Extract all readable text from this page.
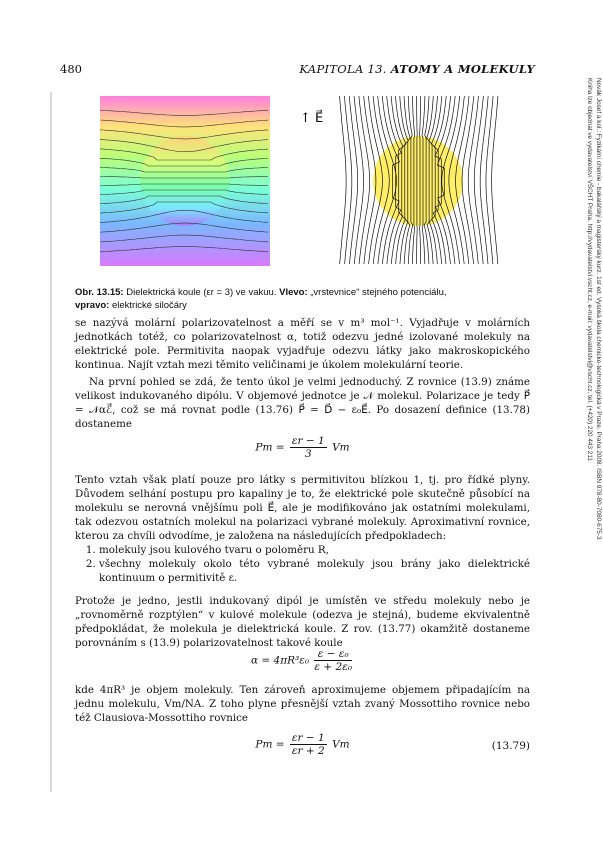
480	KAPITOLA 13. ATOMY A MOLEKULY
Novák Josef a kol.: Fyzikální chemie - bakalářský a magisterský kurz. 1st ed. Vysoká škola chemicko-technologická v Praze, Praha 2008. ISBN 978-80-7080-675-3
Kniha lze objednat ve vydavatelství VŠCHT Praha, http://vydavatelstvi.vscht.cz, e-mail: vydavatelstvi@vscht.cz, tel. (+420) 220 443 211
↑ E⃗
Obr. 13.15: Dielektrická koule (εr = 3) ve vakuu. Vlevo: „vrstevnice“ stejného potenciálu,
vpravo: elektrické siločáry

se nazývá molární polarizovatelnost a měří se v m³ mol⁻¹. Vyjadřuje v molárních jednotkách totéž, co polarizovatelnost α, totiž odezvu jedné izolované molekuly na elektrické pole. Permitivita naopak vyjadřuje odezvu látky jako makroskopického kontinua. Najít vztah mezi těmito veličinami je úkolem molekulární teorie.

Na první pohled se zdá, že tento úkol je velmi jednoduchý. Z rovnice (13.9) známe velikost indukovaného dipólu. V objemové jednotce je 𝒩 molekul. Polarizace je tedy P⃗ = 𝒩αℰ⃗, což se má rovnat podle (13.76) P⃗ = D⃗ − ε₀E⃗. Po dosazení definice (13.78) dostaneme

$Pm = \frac{\varepsilon r - 1}{3}$ Vm

Tento vztah však platí pouze pro látky s permitivitou blízkou 1, tj. pro řídké plyny. Důvodem selhání postupu pro kapaliny je to, že elektrické pole skutečně působící na molekulu se nerovná vnějšímu poli E⃗, ale je modifikováno jak ostatními molekulami, tak odezvou ostatních molekul na polarizaci vybrané molekuly. Aproximativní rovnice, kterou za chvíli odvodíme, je založena na následujících předpokladech:

1. molekuly jsou kulového tvaru o poloměru R,
2. všechny molekuly okolo této vybrané molekuly jsou brány jako dielektrické kontinuum o permitivitě ε.

Protože je jedno, jestli indukovaný dipól je umístěn ve středu molekuly nebo je „rovnoměrně rozptýlen“ v kulové molekule (odezva je stejná), budeme ekvivalentně předpokládat, že molekula je dielektrická koule. Z rov. (13.77) okamžitě dostaneme porovnáním s (13.9) polarizovatelnost takové koule

$\alpha = 4\pi R^3\varepsilon_0 \frac{\text{ε − ε₀}}{\text{ε + 2ε₀}}$

kde 4πR³ je objem molekuly. Ten zároveň aproximujeme objemem připadajícím na jednu molekulu, Vm/NA. Z toho plyne přesnější vztah zvaný Mossottiho rovnice nebo též Clausiova-Mossottiho rovnice

$Pm = \frac{\varepsilon r - 1}{\varepsilon r + 2}$ Vm	(13.79)
